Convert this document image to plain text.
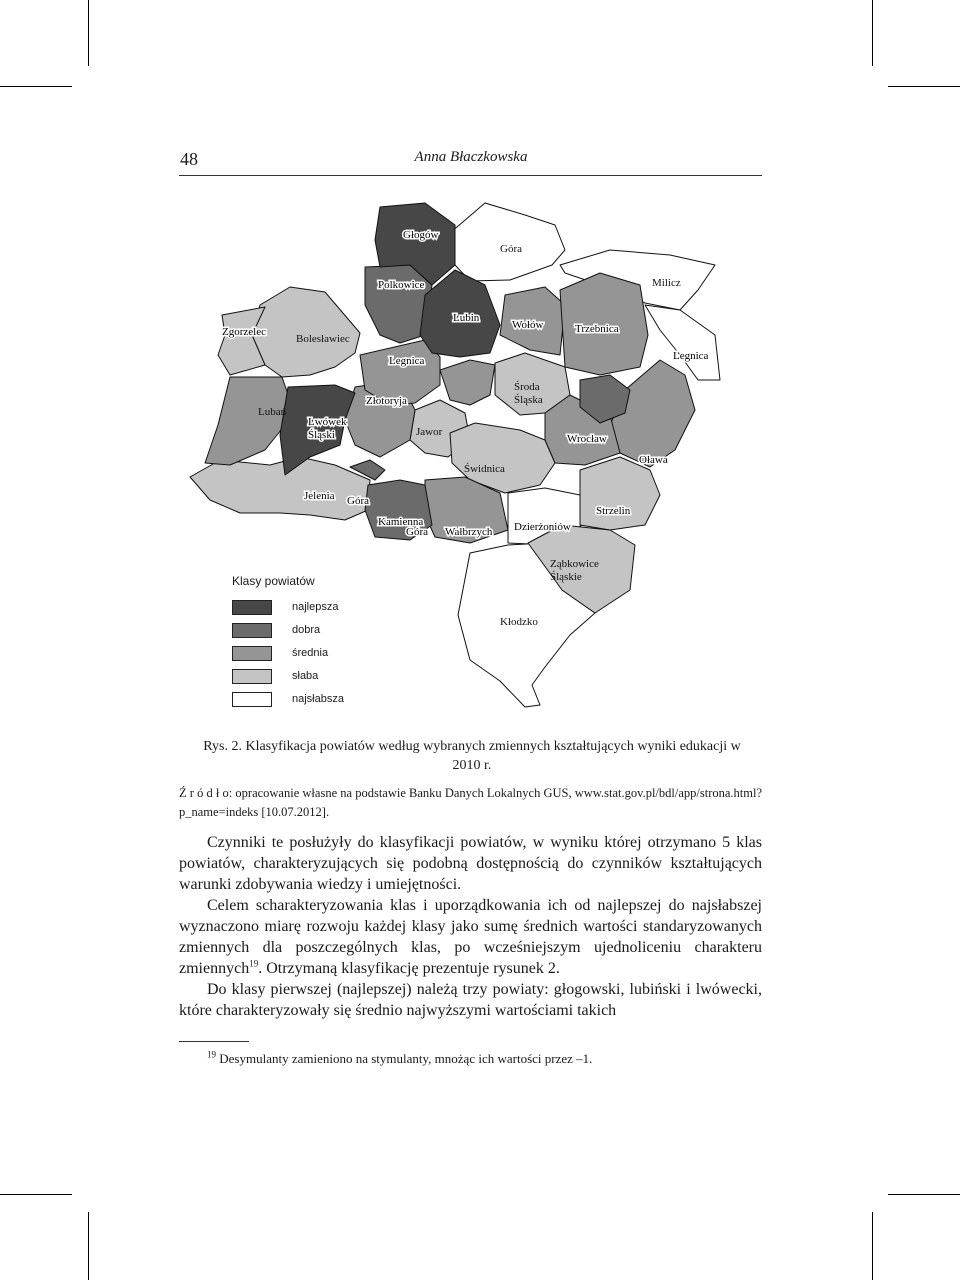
48	Anna Błaczkowska
Głogów
Góra
Milicz
Polkowice
Lubin
Wołów	Trzebnica
Zgorzelec
Bolesławiec
Legnica	Legnica
Środa
Śląska
Lubań
Złotoryja
Lwówek
Śląski	Jawor
Wrocław
Oława
Świdnica
Jelenia Góra
Strzelin
Kamienna
Góra Wałbrzych Dzierżoniów
Ząbkowice
Śląskie
Kłodzko
Klasy powiatów
najlepsza
dobra
średnia
słaba
najsłabsza
Rys. 2. Klasyfikacja powiatów według wybranych zmiennych kształtujących wyniki edukacji w 2010 r.
Ź r ó d ł o: opracowanie własne na podstawie Banku Danych Lokalnych GUS, www.stat.gov.pl/bdl/app/strona.html?p_name=indeks [10.07.2012].

Czynniki te posłużyły do klasyfikacji powiatów, w wyniku której otrzymano 5 klas powiatów, charakteryzujących się podobną dostępnością do czynników kształtujących warunki zdobywania wiedzy i umiejętności.

Celem scharakteryzowania klas i uporządkowania ich od najlepszej do najsłabszej wyznaczono miarę rozwoju każdej klasy jako sumę średnich wartości standaryzowanych zmiennych dla poszczególnych klas, po wcześniejszym ujednoliceniu charakteru zmiennych$^{19}$. Otrzymaną klasyfikację prezentuje rysunek 2.

Do klasy pierwszej (najlepszej) należą trzy powiaty: głogowski, lubiński i lwówecki, które charakteryzowały się średnio najwyższymi wartościami takich

$^{19}$ Desymulanty zamieniono na stymulanty, mnożąc ich wartości przez –1.
